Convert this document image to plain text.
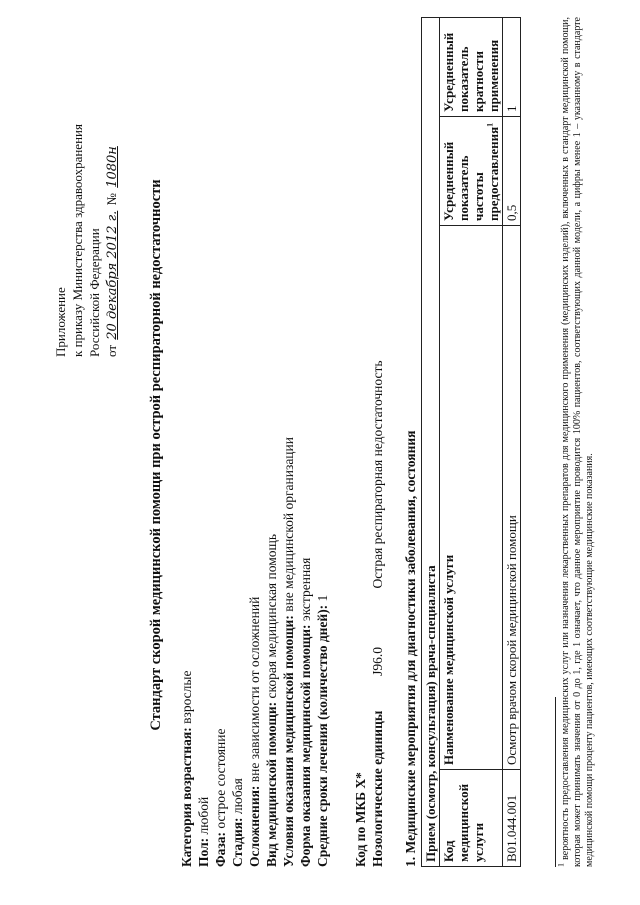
Приложение к приказу Министерства здравоохранения Российской Федерации от 20 декабря 2012 г. № 1080н
Стандарт скорой медицинской помощи при острой респираторной недостаточности
Категория возрастная: взрослые
Пол: любой
Фаза: острое состояние
Стадия: любая Осложнения: вне зависимости от осложнений Вид медицинской помощи: скорая медицинская помощь Условия оказания медицинской помощи: вне медицинской организации
Форма оказания медицинской помощи: экстренная
Средние сроки лечения (количество дней): 1
Код по МКБ X* Нозологические единицы  J96.0 Острая респираторная недостаточность 1. Медицинские мероприятия для диагностики заболевания, состояния Прием (осмотр, консультация) врача-специалиста			
Код медицинской услуги	Наименование медицинской услуги	Усредненный показатель частоты предоставления$^1$	Усредненный показатель кратности применения
B01.044.001	Осмотр врачом скорой медицинской помощи	0,5	1
$^1$ вероятность предоставления медицинских услуг или назначения лекарственных препаратов для медицинского применения (медицинских изделий), включенных в стандарт медицинской помощи, которая может принимать значения от 0 до 1, где 1 означает, что данное мероприятие проводится 100% пациентов, соответствующих данной модели, а цифры менее 1 – указанному в стандарте медицинской помощи проценту пациентов, имеющих соответствующие медицинские показания.
